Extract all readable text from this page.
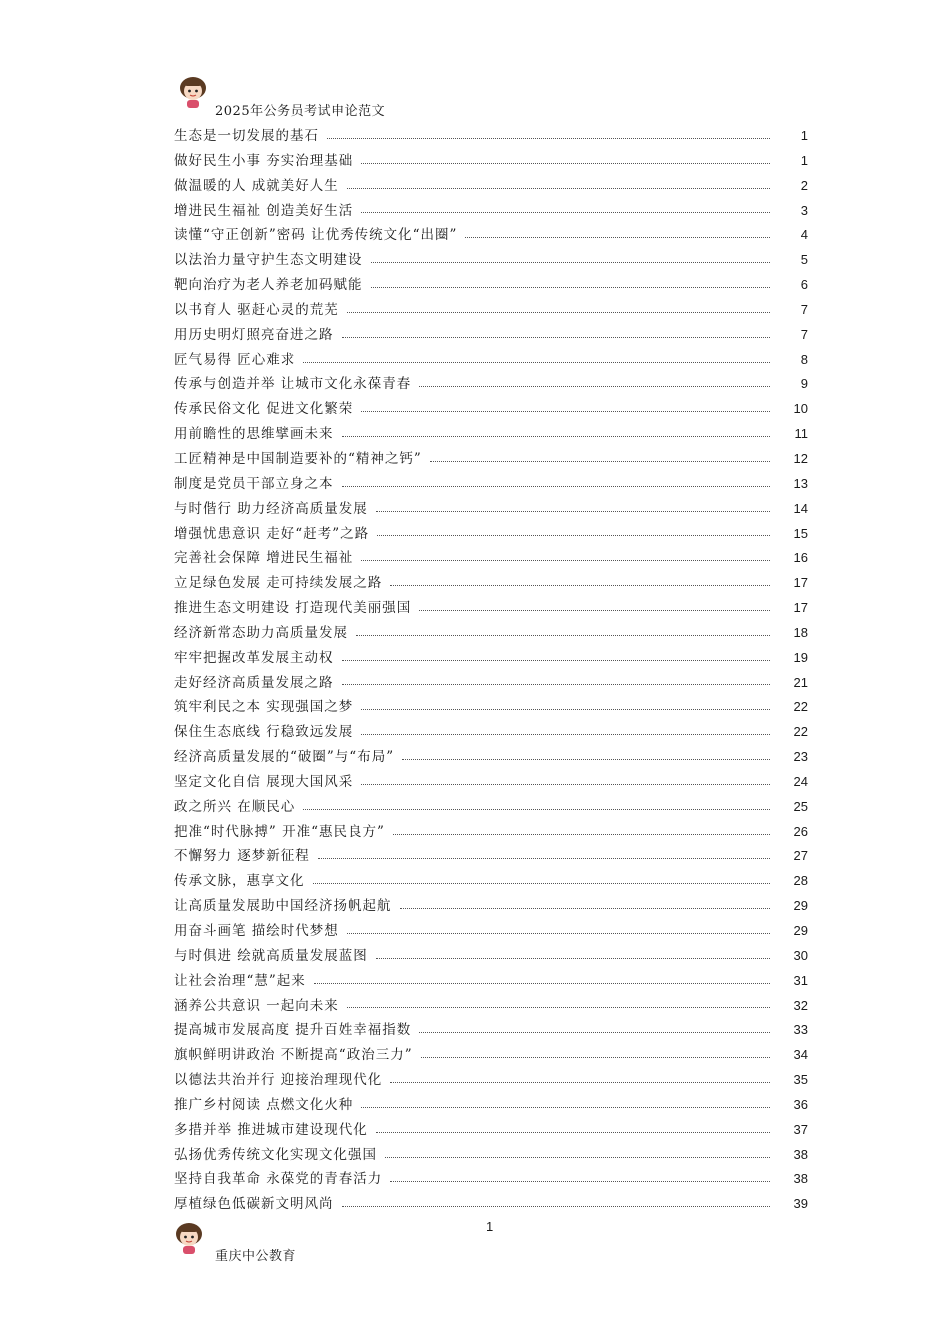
2025年公务员考试申论范文
生态是一切发展的基石	1
做好民生小事 夯实治理基础	1
做温暖的人 成就美好人生	2
增进民生福祉 创造美好生活	3
读懂“守正创新”密码 让优秀传统文化“出圈”	4
以法治力量守护生态文明建设	5
靶向治疗为老人养老加码赋能	6
以书育人 驱赶心灵的荒芜	7
用历史明灯照亮奋进之路	7
匠气易得 匠心难求	8
传承与创造并举 让城市文化永葆青春	9
传承民俗文化 促进文化繁荣	10
用前瞻性的思维擘画未来	11
工匠精神是中国制造要补的“精神之钙”	12
制度是党员干部立身之本	13
与时偕行 助力经济高质量发展	14
增强忧患意识 走好“赶考”之路	15
完善社会保障 增进民生福祉	16
立足绿色发展 走可持续发展之路	17
推进生态文明建设 打造现代美丽强国	17
经济新常态助力高质量发展	18
牢牢把握改革发展主动权	19
走好经济高质量发展之路	21
筑牢利民之本 实现强国之梦	22
保住生态底线 行稳致远发展	22
经济高质量发展的“破圈”与“布局”	23
坚定文化自信 展现大国风采	24
政之所兴 在顺民心	25
把准“时代脉搏” 开准“惠民良方”	26
不懈努力 逐梦新征程	27
传承文脉，惠享文化	28
让高质量发展助中国经济扬帆起航	29
用奋斗画笔 描绘时代梦想	29
与时俱进 绘就高质量发展蓝图	30
让社会治理“慧”起来	31
涵养公共意识 一起向未来	32
提高城市发展高度 提升百姓幸福指数	33
旗帜鲜明讲政治 不断提高“政治三力”	34
以德法共治并行 迎接治理现代化	35
推广乡村阅读 点燃文化火种	36
多措并举 推进城市建设现代化	37
弘扬优秀传统文化实现文化强国	38
坚持自我革命 永葆党的青春活力	38
厚植绿色低碳新文明风尚	39
1
重庆中公教育
